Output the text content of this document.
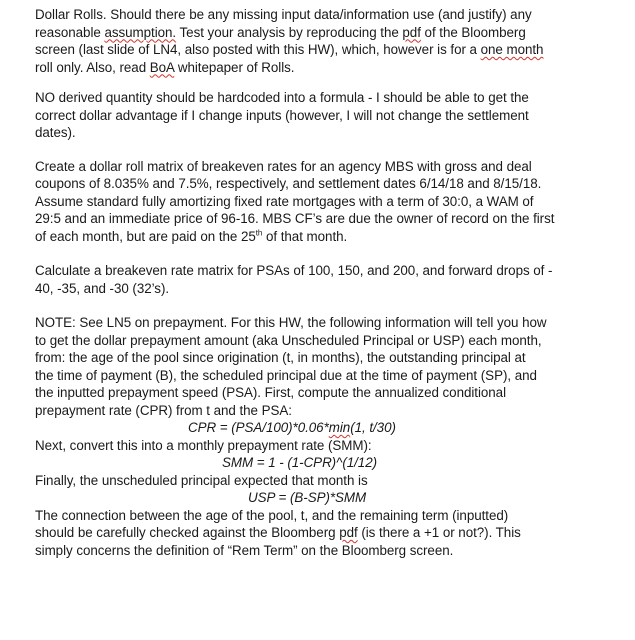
Dollar Rolls. Should there be any missing input data/information use (and justify) any
reasonable assumption. Test your analysis by reproducing the pdf of the Bloomberg
screen (last slide of LN4, also posted with this HW), which, however is for a one month
roll only. Also, read BoA whitepaper of Rolls.

NO derived quantity should be hardcoded into a formula - I should be able to get the
correct dollar advantage if I change inputs (however, I will not change the settlement
dates).

Create a dollar roll matrix of breakeven rates for an agency MBS with gross and deal
coupons of 8.035% and 7.5%, respectively, and settlement dates 6/14/18 and 8/15/18.
Assume standard fully amortizing fixed rate mortgages with a term of 30:0, a WAM of
29:5 and an immediate price of 96-16. MBS CF’s are due the owner of record on the first
of each month, but are paid on the 25th of that month.

Calculate a breakeven rate matrix for PSAs of 100, 150, and 200, and forward drops of -
40, -35, and -30 (32’s).

NOTE: See LN5 on prepayment. For this HW, the following information will tell you how
to get the dollar prepayment amount (aka Unscheduled Principal or USP) each month,
from: the age of the pool since origination (t, in months), the outstanding principal at
the time of payment (B), the scheduled principal due at the time of payment (SP), and
the inputted prepayment speed (PSA). First, compute the annualized conditional
prepayment rate (CPR) from t and the PSA:
CPR = (PSA/100)*0.06*min(1, t/30)
Next, convert this into a monthly prepayment rate (SMM):
SMM = 1 - (1-CPR)^(1/12)
Finally, the unscheduled principal expected that month is
USP = (B-SP)*SMM
The connection between the age of the pool, t, and the remaining term (inputted)
should be carefully checked against the Bloomberg pdf (is there a +1 or not?). This
simply concerns the definition of “Rem Term” on the Bloomberg screen.
